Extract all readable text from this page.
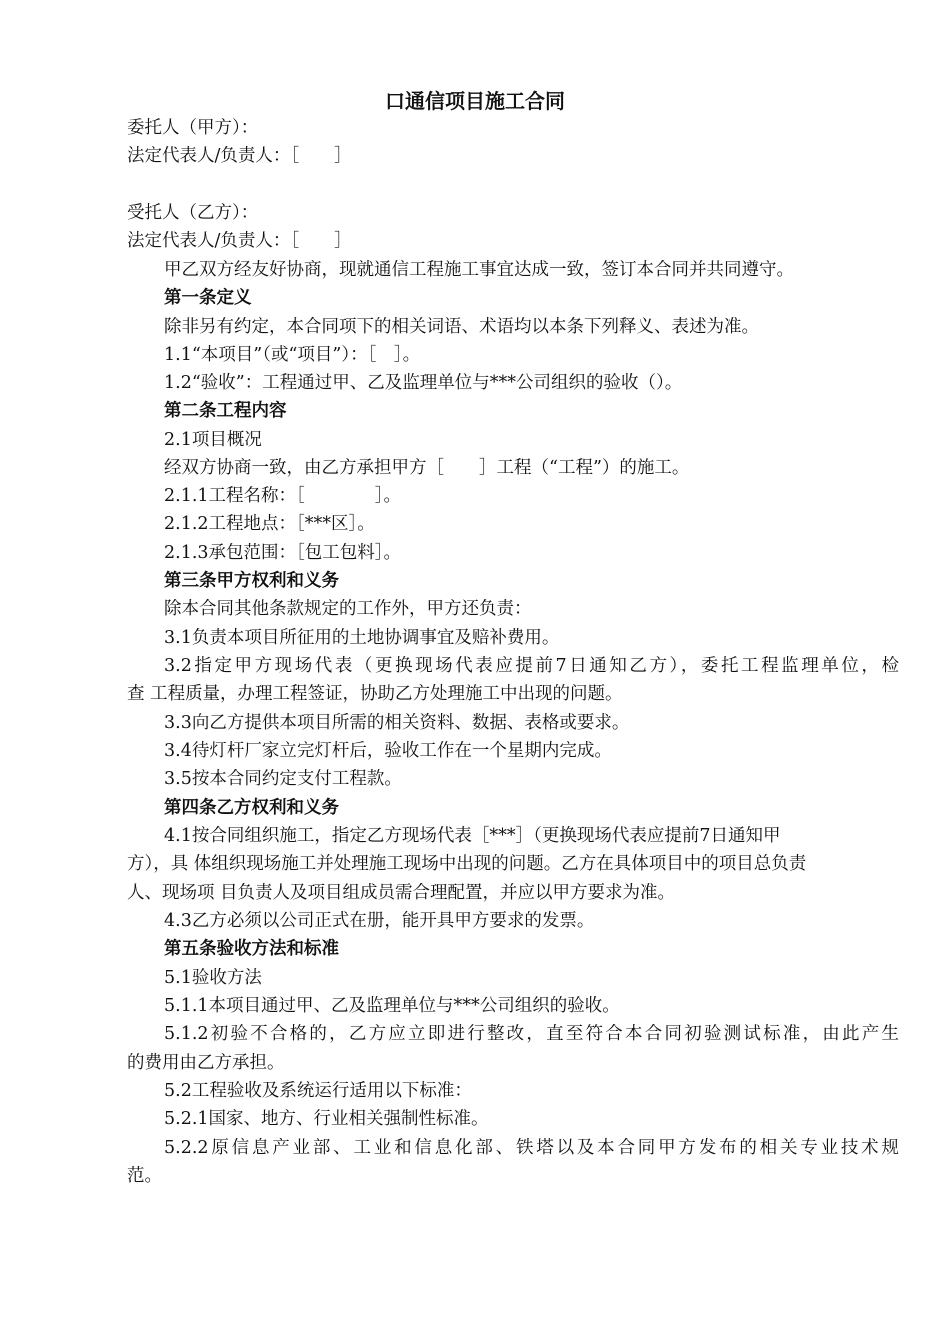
口通信项目施工合同
委托人（甲方）：
法定代表人/负责人：［　　］
受托人（乙方）：
法定代表人/负责人：［　　］
甲乙双方经友好协商，现就通信工程施工事宜达成一致，签订本合同并共同遵守。
第一条定义
除非另有约定，本合同项下的相关词语、术语均以本条下列释义、表述为准。
1.1“本项目”（或“项目”）：［　］。
1.2“验收”：工程通过甲、乙及监理单位与***公司组织的验收（）。
第二条工程内容
2.1项目概况
经双方协商一致，由乙方承担甲方［　　］工程（“工程”）的施工。
2.1.1工程名称：［　　　　］。
2.1.2工程地点：［***区］。
2.1.3承包范围：［包工包料］。
第三条甲方权利和义务
除本合同其他条款规定的工作外，甲方还负责：
3.1负责本项目所征用的土地协调事宜及赔补费用。
3.2指定甲方现场代表（更换现场代表应提前7日通知乙方），委托工程监理单位，检
查 工程质量，办理工程签证，协助乙方处理施工中出现的问题。
3.3向乙方提供本项目所需的相关资料、数据、表格或要求。
3.4待灯杆厂家立完灯杆后，验收工作在一个星期内完成。
3.5按本合同约定支付工程款。
第四条乙方权利和义务
4.1按合同组织施工，指定乙方现场代表［***］（更换现场代表应提前7日通知甲
方），具 体组织现场施工并处理施工现场中出现的问题。乙方在具体项目中的项目总负责
人、现场项 目负责人及项目组成员需合理配置，并应以甲方要求为准。
4.3乙方必须以公司正式在册，能开具甲方要求的发票。
第五条验收方法和标准
5.1验收方法
5.1.1本项目通过甲、乙及监理单位与***公司组织的验收。
5.1.2初验不合格的，乙方应立即进行整改，直至符合本合同初验测试标准，由此产生
的费用由乙方承担。
5.2工程验收及系统运行适用以下标准：
5.2.1国家、地方、行业相关强制性标准。
5.2.2原信息产业部、工业和信息化部、铁塔以及本合同甲方发布的相关专业技术规
范。
